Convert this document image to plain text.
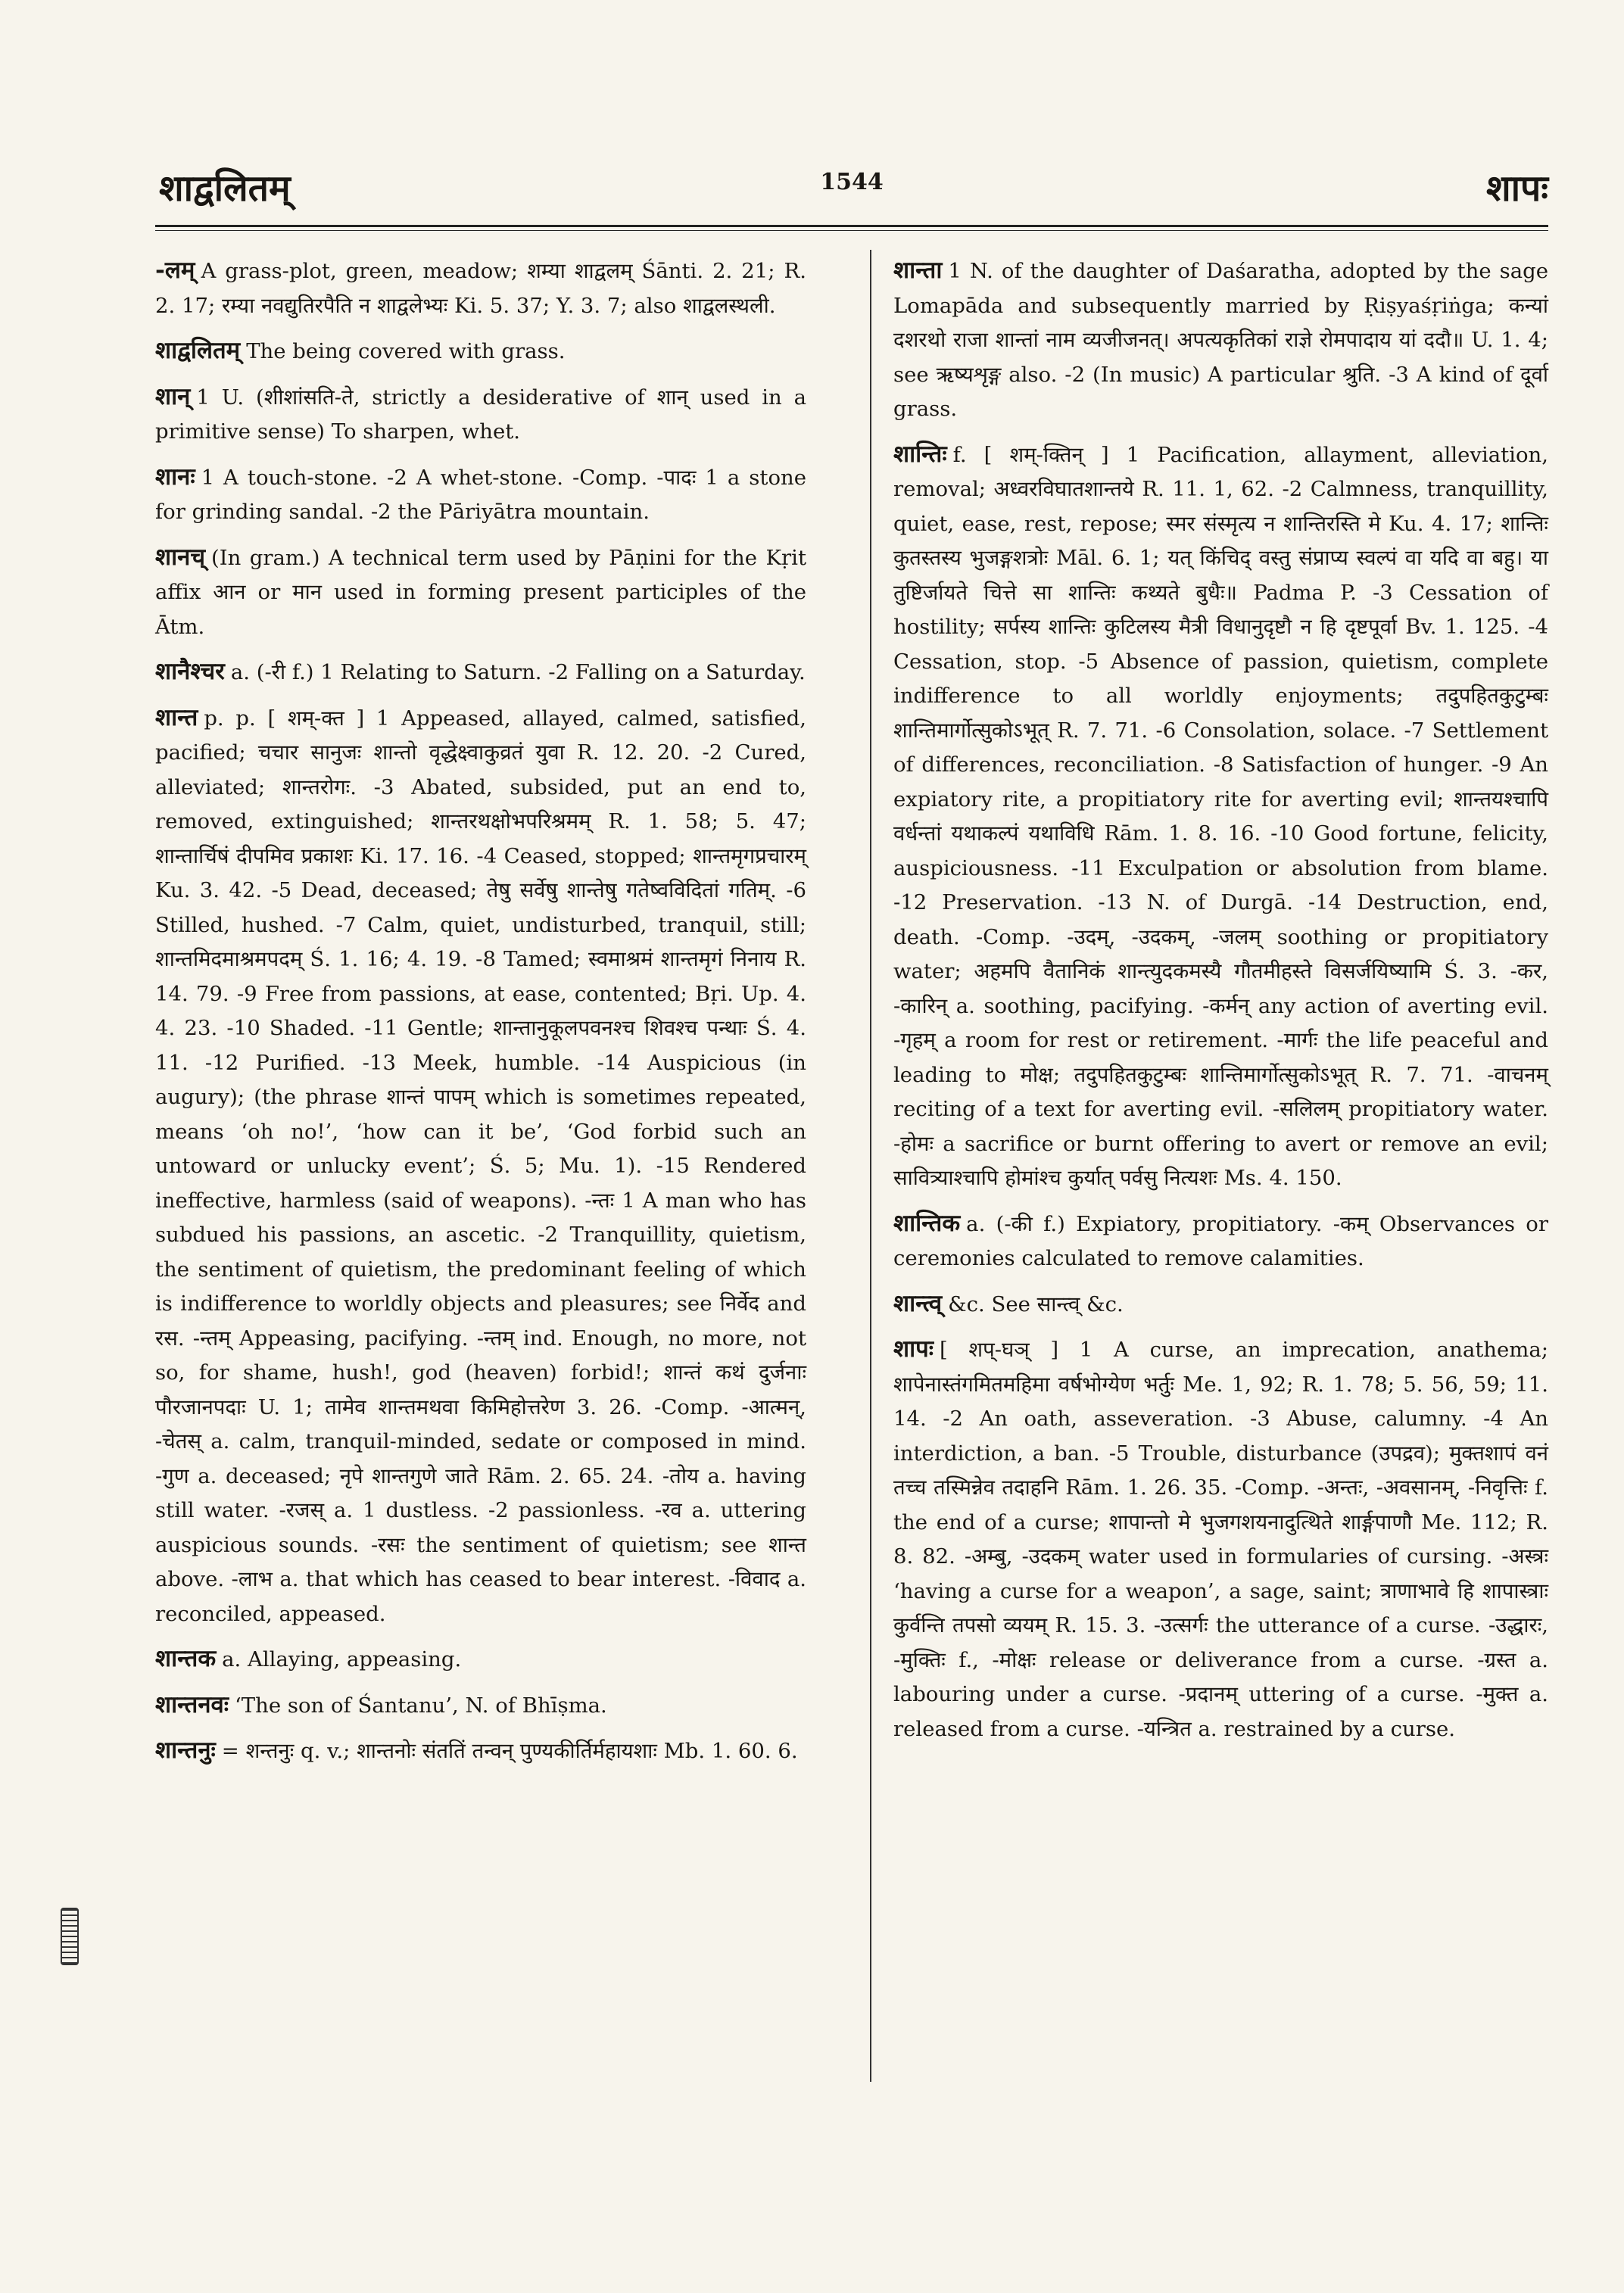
शाद्वलितम्	1544	शापः

-लम् A grass-plot, green, meadow; शम्या शाद्वलम् Śānti. 2. 21; R. 2. 17; रम्या नवद्युतिरपैति न शाद्वलेभ्यः Ki. 5. 37; Y. 3. 7; also शाद्वलस्थली.

शाद्वलितम् The being covered with grass.

शान् 1 U. (शीशांसति-ते, strictly a desiderative of शान् used in a primitive sense) To sharpen, whet.

शानः 1 A touch-stone. -2 A whet-stone. -Comp. -पादः 1 a stone for grinding sandal. -2 the Pāriyātra mountain.

शानच् (In gram.) A technical term used by Pāṇini for the Kṛit affix आन or मान used in forming present participles of the Ātm.

शानैश्चर a. (-री f.) 1 Relating to Saturn. -2 Falling on a Saturday.

शान्त p. p. [ शम्-क्त ] 1 Appeased, allayed, calmed, satisfied, pacified; चचार सानुजः शान्तो वृद्धेक्ष्वाकुव्रतं युवा R. 12. 20. -2 Cured, alleviated; शान्तरोगः. -3 Abated, subsided, put an end to, removed, extinguished; शान्तरथक्षोभपरिश्रमम् R. 1. 58; 5. 47; शान्तार्चिषं दीपमिव प्रकाशः Ki. 17. 16. -4 Ceased, stopped; शान्तमृगप्रचारम् Ku. 3. 42. -5 Dead, deceased; तेषु सर्वेषु शान्तेषु गतेष्वविदितां गतिम्. -6 Stilled, hushed. -7 Calm, quiet, undisturbed, tranquil, still; शान्तमिदमाश्रमपदम् Ś. 1. 16; 4. 19. -8 Tamed; स्वमाश्रमं शान्तमृगं निनाय R. 14. 79. -9 Free from passions, at ease, contented; Bṛi. Up. 4. 4. 23. -10 Shaded. -11 Gentle; शान्तानुकूलपवनश्च शिवश्च पन्थाः Ś. 4. 11. -12 Purified. -13 Meek, humble. -14 Auspicious (in augury); (the phrase शान्तं पापम् which is sometimes repeated, means ‘oh no!’, ‘how can it be’, ‘God forbid such an untoward or unlucky event’; Ś. 5; Mu. 1). -15 Rendered ineffective, harmless (said of weapons). -न्तः 1 A man who has subdued his passions, an ascetic. -2 Tranquillity, quietism, the sentiment of quietism, the predominant feeling of which is indifference to worldly objects and pleasures; see निर्वेद and रस. -न्तम् Appeasing, pacifying. -न्तम् ind. Enough, no more, not so, for shame, hush!, god (heaven) forbid!; शान्तं कथं दुर्जनाः पौरजानपदाः U. 1; तामेव शान्तमथवा किमिहोत्तरेण 3. 26. -Comp. -आत्मन्, -चेतस् a. calm, tranquil-minded, sedate or composed in mind. -गुण a. deceased; नृपे शान्तगुणे जाते Rām. 2. 65. 24. -तोय a. having still water. -रजस् a. 1 dustless. -2 passionless. -रव a. uttering auspicious sounds. -रसः the sentiment of quietism; see शान्त above. -लाभ a. that which has ceased to bear interest. -विवाद a. reconciled, appeased.

शान्तक a. Allaying, appeasing.

शान्तनवः ‘The son of Śantanu’, N. of Bhīṣma.

शान्तनुः = शन्तनुः q. v.; शान्तनोः संततिं तन्वन् पुण्यकीर्तिर्महायशाः Mb. 1. 60. 6.

शान्ता 1 N. of the daughter of Daśaratha, adopted by the sage Lomapāda and subsequently married by Ṛiṣyaśṛiṅga; कन्यां दशरथो राजा शान्तां नाम व्यजीजनत्। अपत्यकृतिकां राज्ञे रोमपादाय यां ददौ॥ U. 1. 4; see ऋष्यशृङ्ग also. -2 (In music) A particular श्रुति. -3 A kind of दूर्वा grass.

शान्तिः f. [ शम्-क्तिन् ] 1 Pacification, allayment, alleviation, removal; अध्वरविघातशान्तये R. 11. 1, 62. -2 Calmness, tranquillity, quiet, ease, rest, repose; स्मर संस्मृत्य न शान्तिरस्ति मे Ku. 4. 17; शान्तिः कुतस्तस्य भुजङ्गशत्रोः Māl. 6. 1; यत् किंचिद् वस्तु संप्राप्य स्वल्पं वा यदि वा बहु। या तुष्टिर्जायते चित्ते सा शान्तिः कथ्यते बुधैः॥ Padma P. -3 Cessation of hostility; सर्पस्य शान्तिः कुटिलस्य मैत्री विधानुदृष्टौ न हि दृष्टपूर्वा Bv. 1. 125. -4 Cessation, stop. -5 Absence of passion, quietism, complete indifference to all worldly enjoyments; तदुपहितकुटुम्बः शान्तिमार्गोत्सुकोऽभूत् R. 7. 71. -6 Consolation, solace. -7 Settlement of differences, reconciliation. -8 Satisfaction of hunger. -9 An expiatory rite, a propitiatory rite for averting evil; शान्तयश्चापि वर्धन्तां यथाकल्पं यथाविधि Rām. 1. 8. 16. -10 Good fortune, felicity, auspiciousness. -11 Exculpation or absolution from blame. -12 Preservation. -13 N. of Durgā. -14 Destruction, end, death. -Comp. -उदम्, -उदकम्, -जलम् soothing or propitiatory water; अहमपि वैतानिकं शान्त्युदकमस्यै गौतमीहस्ते विसर्जयिष्यामि Ś. 3. -कर, -कारिन् a. soothing, pacifying. -कर्मन् any action of averting evil. -गृहम् a room for rest or retirement. -मार्गः the life peaceful and leading to मोक्ष; तदुपहितकुटुम्बः शान्तिमार्गोत्सुकोऽभूत् R. 7. 71. -वाचनम् reciting of a text for averting evil. -सलिलम् propitiatory water. -होमः a sacrifice or burnt offering to avert or remove an evil; सावित्र्याश्चापि होमांश्च कुर्यात् पर्वसु नित्यशः Ms. 4. 150.

शान्तिक a. (-की f.) Expiatory, propitiatory. -कम् Observances or ceremonies calculated to remove calamities.

शान्त्व् &c. See सान्त्व् &c.

शापः [ शप्-घञ् ] 1 A curse, an imprecation, anathema; शापेनास्तंगमितमहिमा वर्षभोग्येण भर्तुः Me. 1, 92; R. 1. 78; 5. 56, 59; 11. 14. -2 An oath, asseveration. -3 Abuse, calumny. -4 An interdiction, a ban. -5 Trouble, disturbance (उपद्रव); मुक्तशापं वनं तच्च तस्मिन्नेव तदाहनि Rām. 1. 26. 35. -Comp. -अन्तः, -अवसानम्, -निवृत्तिः f. the end of a curse; शापान्तो मे भुजगशयनादुत्थिते शार्ङ्गपाणौ Me. 112; R. 8. 82. -अम्बु, -उदकम् water used in formularies of cursing. -अस्त्रः ‘having a curse for a weapon’, a sage, saint; त्राणाभावे हि शापास्त्राः कुर्वन्ति तपसो व्ययम् R. 15. 3. -उत्सर्गः the utterance of a curse. -उद्धारः, -मुक्तिः f., -मोक्षः release or deliverance from a curse. -ग्रस्त a. labouring under a curse. -प्रदानम् uttering of a curse. -मुक्त a. released from a curse. -यन्त्रित a. restrained by a curse.
